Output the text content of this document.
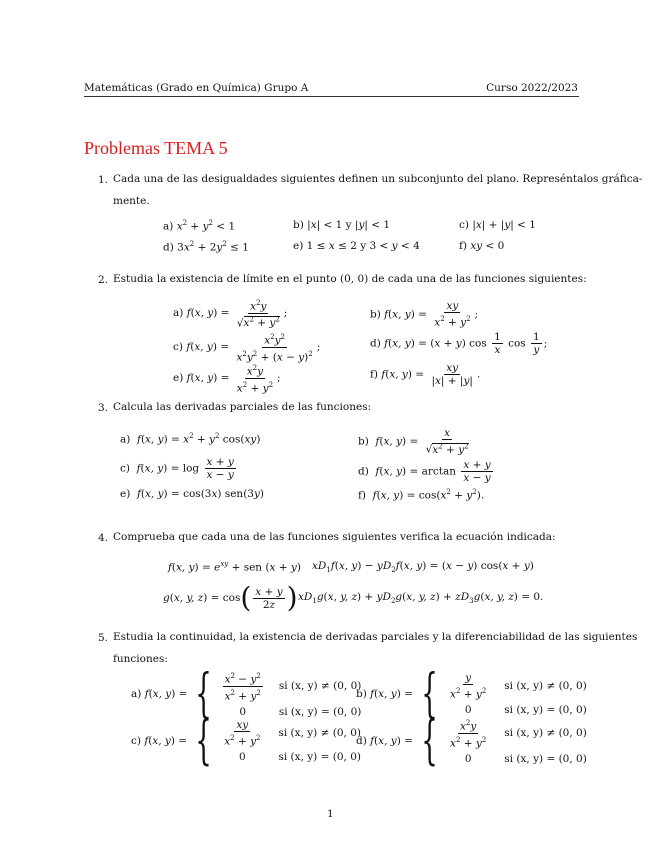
Matemáticas (Grado en Química) Grupo A	Curso 2022/2023
Problemas TEMA 5
1. Cada una de las desigualdades siguientes definen un subconjunto del plano. Represéntalos gráfica-
mente.
a) $x^2 + y^2 < 1$	b) |x| < 1 y |y| < 1	c) |x| + |y| < 1
d) $3x^2 + 2y^2 \le 1$	e) 1 ≤ x ≤ 2 y 3 < y < 4	f) xy < 0
2. Estudia la existencia de límite en el punto (0, 0) de cada una de las funciones siguientes:
a) f(x, $y) = \frac{x^2y}{√x^2 + y^2}$ ;	b) f(x, $y) = \frac{xy}{x^2 + y^2}$ ;
c) f(x, $y) = \frac{x^2y^2}{x^2y^2 + (x - y)^2}$ ;	d) f(x, y) = (x + y) $\cos \frac{1}{x}$ $\cos \frac{1}{y}$ ;
e) f(x, $y) = \frac{x^2y}{x^2 + y^2}$ ;	f) f(x, $y) = \frac{xy}{|x| + |y|}$ .
3. Calcula las derivadas parciales de las funciones:
a)  f(x, $y) = x^2 + y^2$ cos(xy)	b)  f(x, $y) = \frac{x}{√x^2 + y^2}$
c)  f(x, $y) = \log \frac{x + y}{x - y}$	d)  f(x, $y) = \arctan \frac{x + y}{x - y}$
e)  f(x, y) = cos(3x) sen(3y)	f)  f(x, $y) = \cos(x^2 + y^2)$.
4. Comprueba que cada una de las funciones siguientes verifica la ecuación indicada:
f(x, $y) = e^{xy}$ + sen (x + y) $xD_1f(x$, $y) - yD_2f(x$, y) = (x − y) cos(x + y)
g ( x, y, z ) = cos ( $\frac{x + y}{2z}$ ) $xD_1g(x$, y, $z) + yD_2g(x$, y, $z) + zD_3g(x$, y, z) = 0.
5. Estudia la continuidad, la existencia de derivadas parciales y la diferenciabilidad de las siguientes
funciones:
a) f(x, y) = { $\frac{x^2 - y^2}{x^2 + y^2}$ si (x, y) ≠ (0, 0)
0	si (x, y) = (0, 0)
b) f(x, y) = { $\frac{y}{x^2 + y^2}$ si (x, y) ≠ (0, 0)
0	si (x, y) = (0, 0)
c) f(x, y) = { $\frac{xy}{x^2 + y^2}$ si (x, y) ≠ (0, 0)
0	si (x, y) = (0, 0)
d) f(x, y) = { $\frac{x^2y}{x^2 + y^2}$ si (x, y) ≠ (0, 0)
0	si (x, y) = (0, 0)
1
